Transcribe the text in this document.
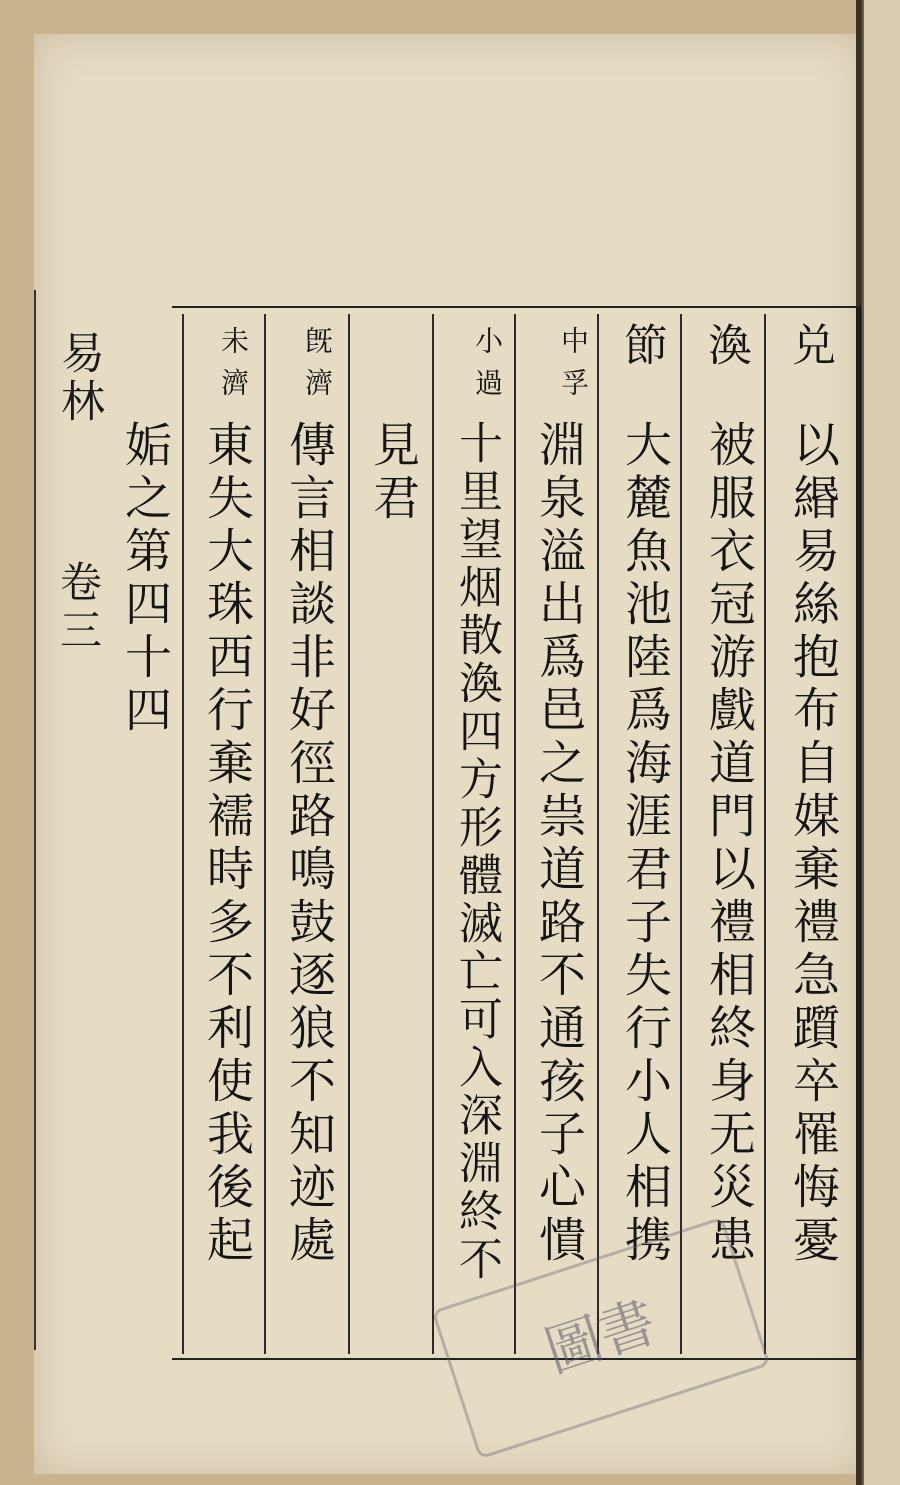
易林
卷三
兑
以緡易絲抱布自媒棄禮急躓卒罹悔憂
渙
被服衣冠游戲道門以禮相終身无災患
節
大麓魚池陸爲海涯君子失行小人相携
中孚
淵泉溢出爲邑之祟道路不通孩子心憒
小過
十里望烟散渙四方形體滅亡可入深淵終不
見君
旣濟
傳言相談非好徑路鳴鼓逐狼不知迹處
未濟
東失大珠西行棄襦時多不利使我後起
姤之第四十四
圖書
